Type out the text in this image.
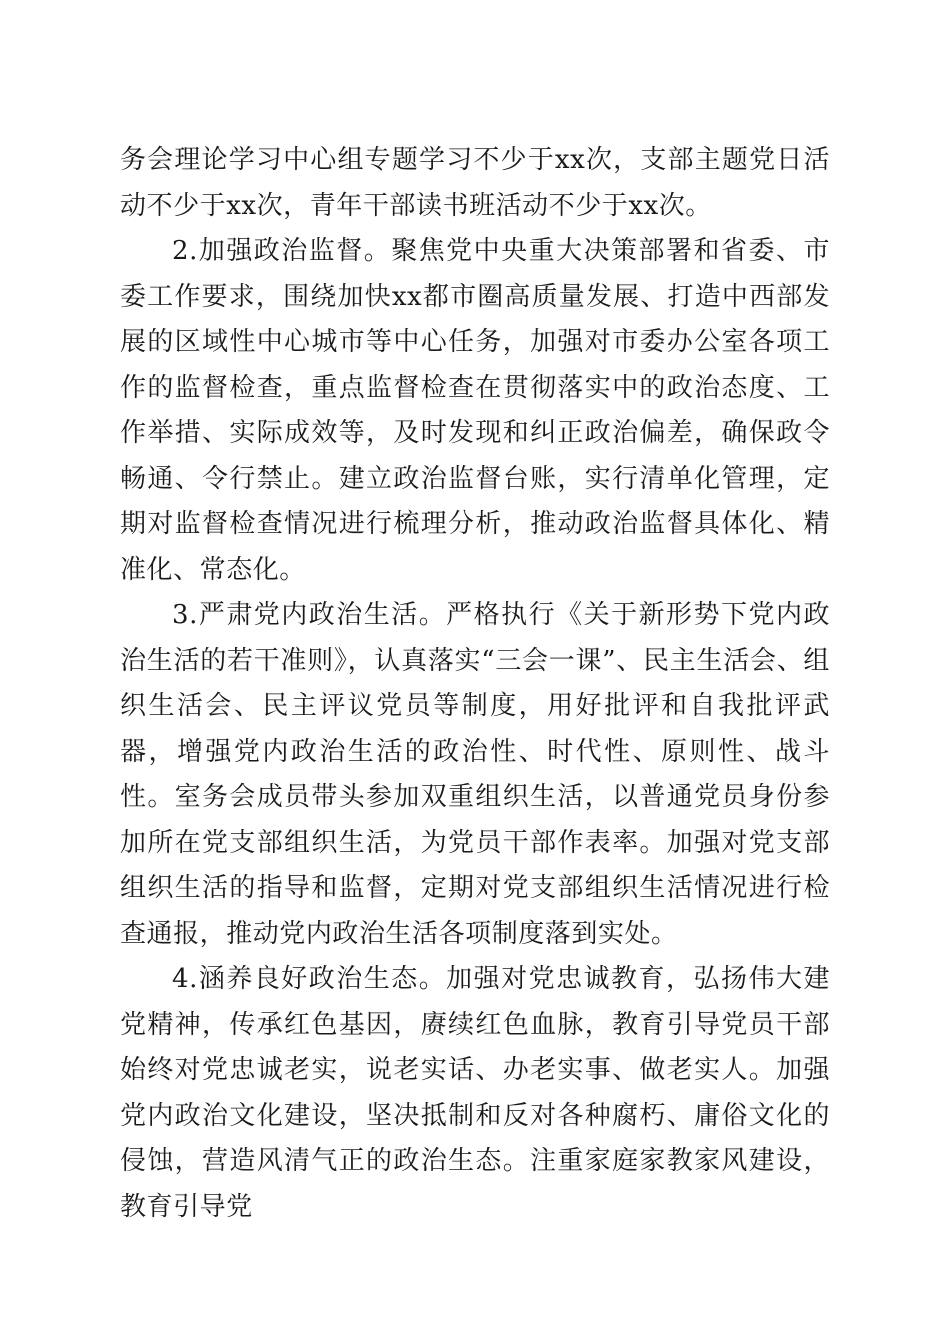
务会理论学习中心组专题学习不少于xx次，支部主题党日活动不少于xx次，青年干部读书班活动不少于xx次。

2.加强政治监督。聚焦党中央重大决策部署和省委、市委工作要求，围绕加快xx都市圈高质量发展、打造中西部发展的区域性中心城市等中心任务，加强对市委办公室各项工作的监督检查，重点监督检查在贯彻落实中的政治态度、工作举措、实际成效等，及时发现和纠正政治偏差，确保政令畅通、令行禁止。建立政治监督台账，实行清单化管理，定期对监督检查情况进行梳理分析，推动政治监督具体化、精准化、常态化。

3.严肃党内政治生活。严格执行《关于新形势下党内政治生活的若干准则》，认真落实“三会一课”、民主生活会、组织生活会、民主评议党员等制度，用好批评和自我批评武器，增强党内政治生活的政治性、时代性、原则性、战斗性。室务会成员带头参加双重组织生活，以普通党员身份参加所在党支部组织生活，为党员干部作表率。加强对党支部组织生活的指导和监督，定期对党支部组织生活情况进行检查通报，推动党内政治生活各项制度落到实处。

4.涵养良好政治生态。加强对党忠诚教育，弘扬伟大建党精神，传承红色基因，赓续红色血脉，教育引导党员干部始终对党忠诚老实，说老实话、办老实事、做老实人。加强党内政治文化建设，坚决抵制和反对各种腐朽、庸俗文化的侵蚀，营造风清气正的政治生态。注重家庭家教家风建设，教育引导党
